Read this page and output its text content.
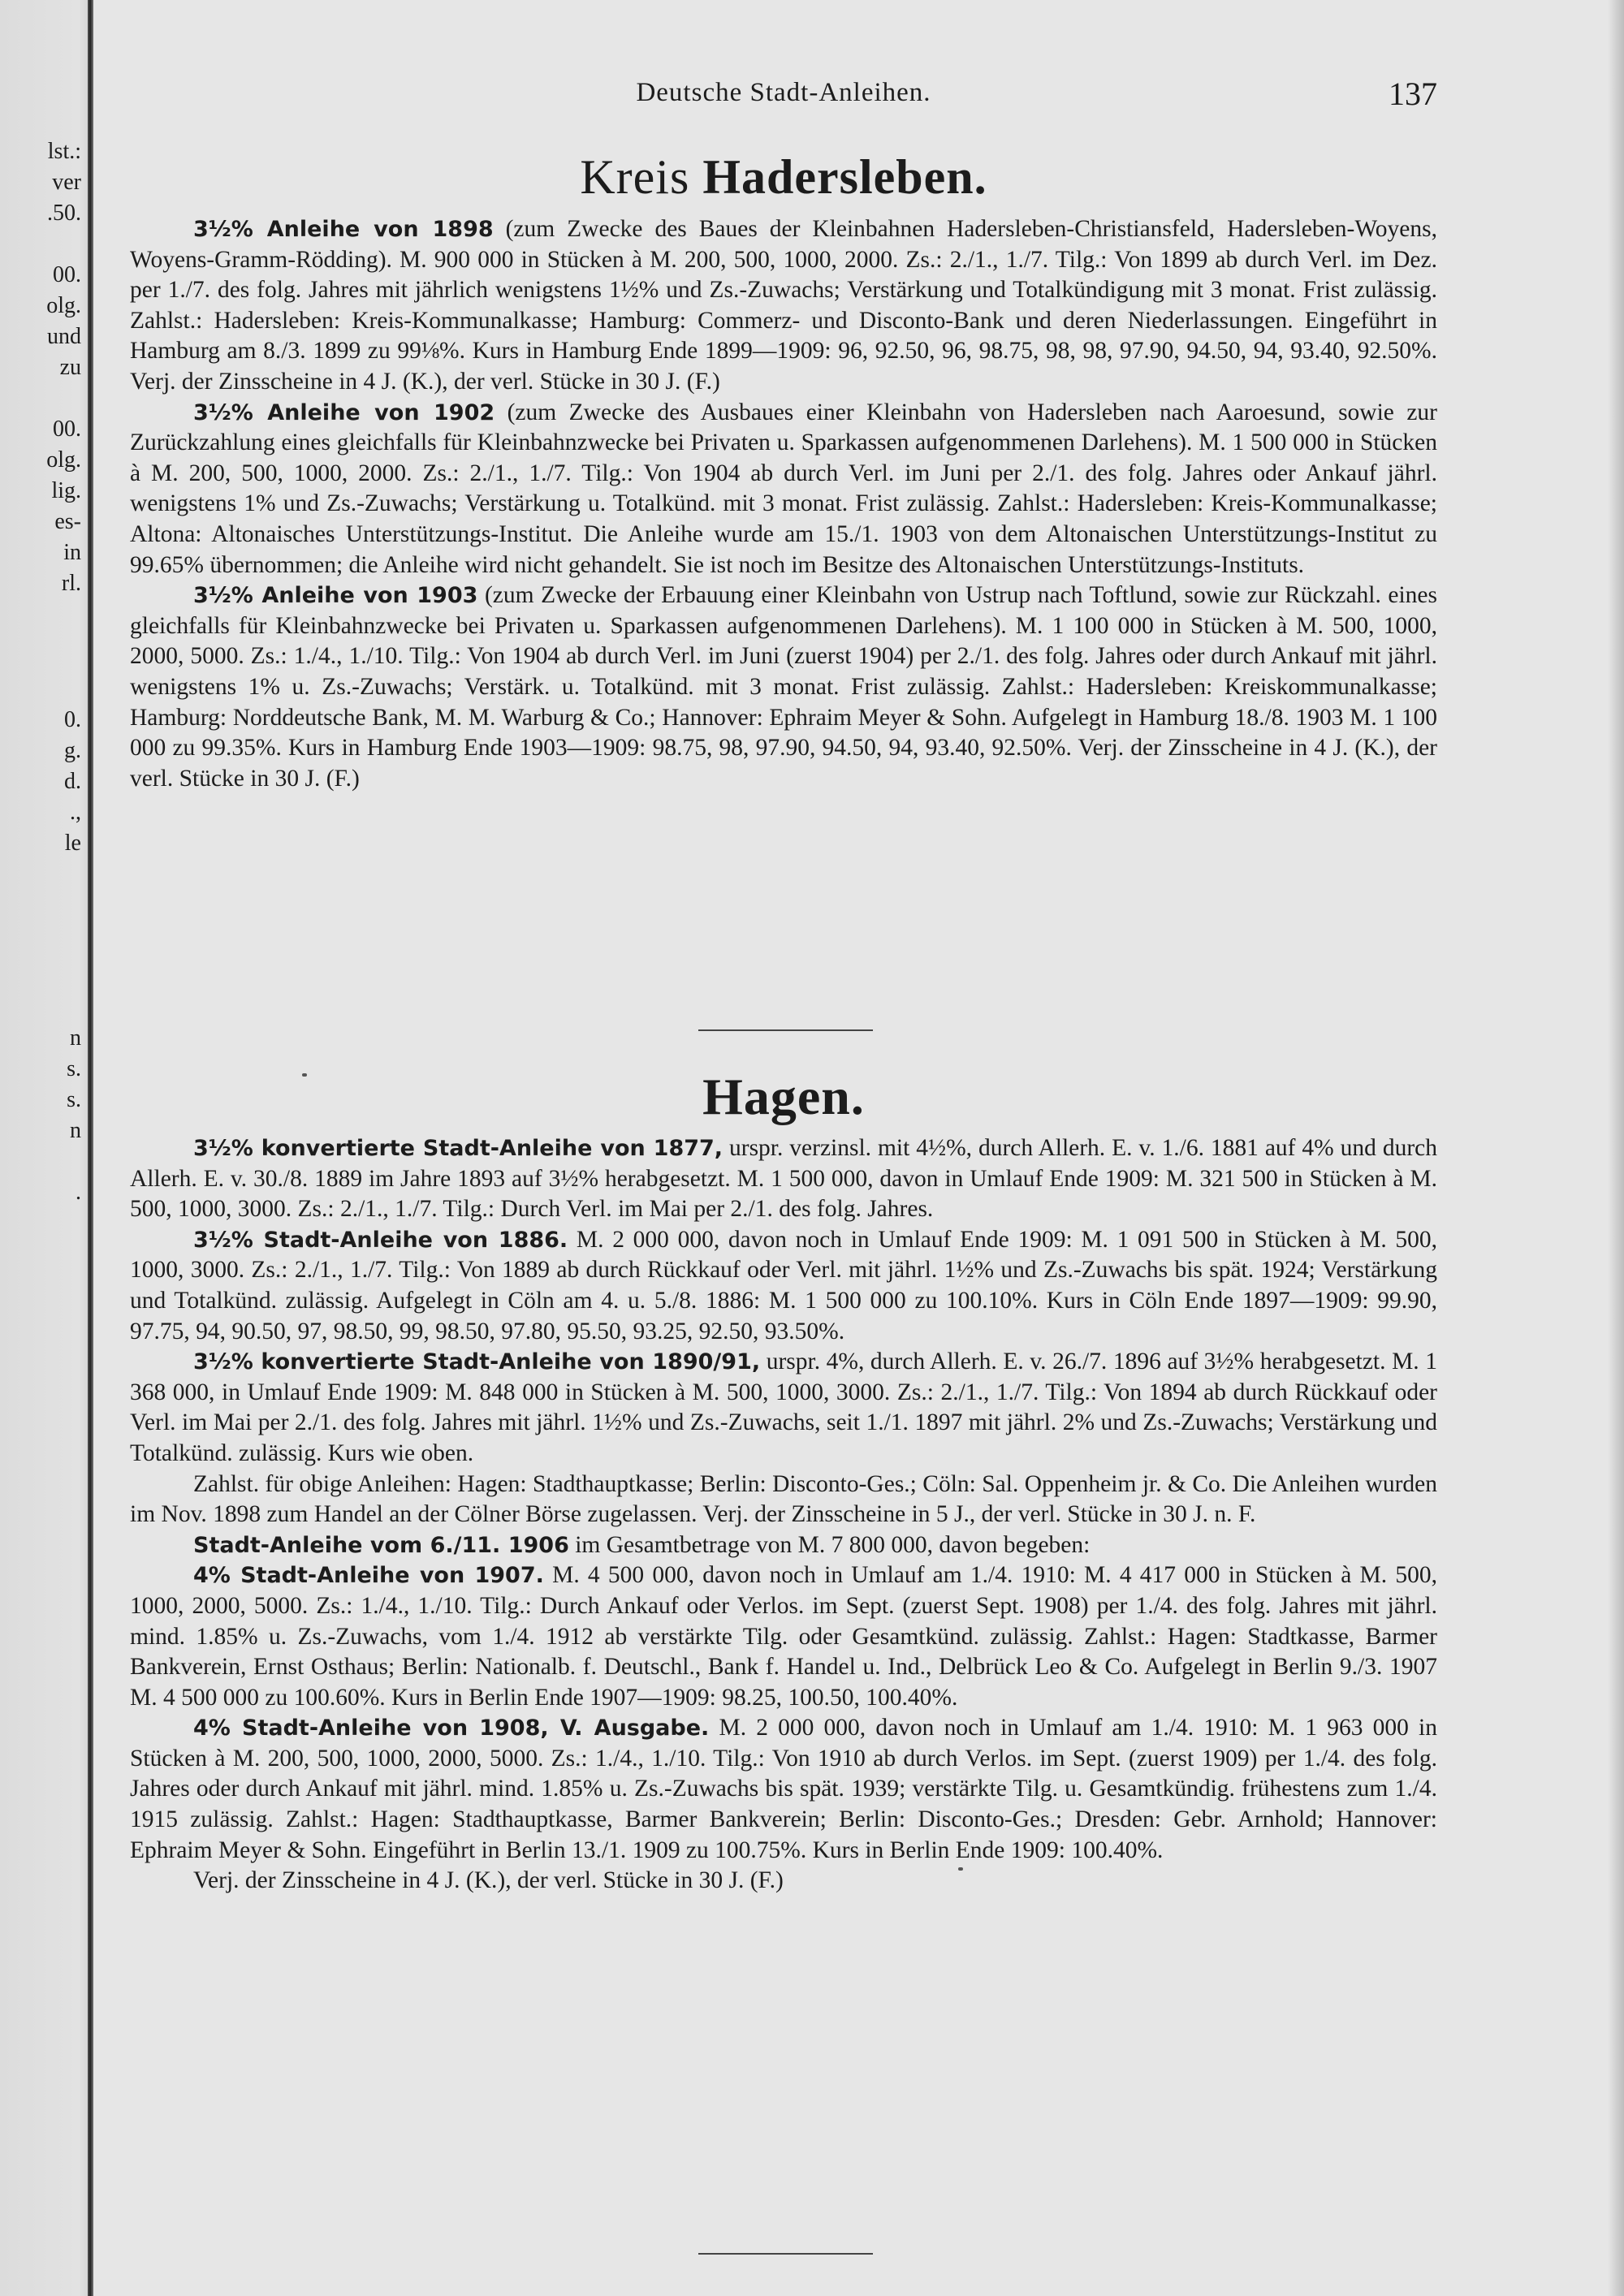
lst.:
ver
.50.
00.
olg.
und
zu
00.
olg.
lig.
es-
in
rl.
0.
g.
d.
.,
le
n
s.
s.
n
.
Deutsche Stadt-Anleihen.	137
Kreis Hadersleben.

3½% Anleihe von 1898 (zum Zwecke des Baues der Kleinbahnen Hadersleben-Christiansfeld, Hadersleben-Woyens, Woyens-Gramm-Rödding). M. 900 000 in Stücken à M. 200, 500, 1000, 2000. Zs.: 2./1., 1./7. Tilg.: Von 1899 ab durch Verl. im Dez. per 1./7. des folg. Jahres mit jährlich wenigstens 1½% und Zs.-Zuwachs; Verstärkung und Totalkündigung mit 3 monat. Frist zulässig. Zahlst.: Hadersleben: Kreis-Kommunalkasse; Hamburg: Commerz- und Disconto-Bank und deren Niederlassungen. Eingeführt in Hamburg am 8./3. 1899 zu 99⅛%. Kurs in Hamburg Ende 1899—1909: 96, 92.50, 96, 98.75, 98, 98, 97.90, 94.50, 94, 93.40, 92.50%. Verj. der Zinsscheine in 4 J. (K.), der verl. Stücke in 30 J. (F.)

3½% Anleihe von 1902 (zum Zwecke des Ausbaues einer Kleinbahn von Hadersleben nach Aaroesund, sowie zur Zurückzahlung eines gleichfalls für Kleinbahnzwecke bei Privaten u. Sparkassen aufgenommenen Darlehens). M. 1 500 000 in Stücken à M. 200, 500, 1000, 2000. Zs.: 2./1., 1./7. Tilg.: Von 1904 ab durch Verl. im Juni per 2./1. des folg. Jahres oder Ankauf jährl. wenigstens 1% und Zs.-Zuwachs; Verstärkung u. Totalkünd. mit 3 monat. Frist zulässig. Zahlst.: Hadersleben: Kreis-Kommunalkasse; Altona: Altonaisches Unterstützungs-Institut. Die Anleihe wurde am 15./1. 1903 von dem Altonaischen Unterstützungs-Institut zu 99.65% übernommen; die Anleihe wird nicht gehandelt. Sie ist noch im Besitze des Altonaischen Unterstützungs-Instituts.

3½% Anleihe von 1903 (zum Zwecke der Erbauung einer Kleinbahn von Ustrup nach Toftlund, sowie zur Rückzahl. eines gleichfalls für Kleinbahnzwecke bei Privaten u. Sparkassen aufgenommenen Darlehens). M. 1 100 000 in Stücken à M. 500, 1000, 2000, 5000. Zs.: 1./4., 1./10. Tilg.: Von 1904 ab durch Verl. im Juni (zuerst 1904) per 2./1. des folg. Jahres oder durch Ankauf mit jährl. wenigstens 1% u. Zs.-Zuwachs; Verstärk. u. Totalkünd. mit 3 monat. Frist zulässig. Zahlst.: Hadersleben: Kreiskommunalkasse; Hamburg: Norddeutsche Bank, M. M. Warburg & Co.; Hannover: Ephraim Meyer & Sohn. Aufgelegt in Hamburg 18./8. 1903 M. 1 100 000 zu 99.35%. Kurs in Hamburg Ende 1903—1909: 98.75, 98, 97.90, 94.50, 94, 93.40, 92.50%. Verj. der Zinsscheine in 4 J. (K.), der verl. Stücke in 30 J. (F.)

Hagen.

3½% konvertierte Stadt-Anleihe von 1877, urspr. verzinsl. mit 4½%, durch Allerh. E. v. 1./6. 1881 auf 4% und durch Allerh. E. v. 30./8. 1889 im Jahre 1893 auf 3½% herabgesetzt. M. 1 500 000, davon in Umlauf Ende 1909: M. 321 500 in Stücken à M. 500, 1000, 3000. Zs.: 2./1., 1./7. Tilg.: Durch Verl. im Mai per 2./1. des folg. Jahres.

3½% Stadt-Anleihe von 1886. M. 2 000 000, davon noch in Umlauf Ende 1909: M. 1 091 500 in Stücken à M. 500, 1000, 3000. Zs.: 2./1., 1./7. Tilg.: Von 1889 ab durch Rückkauf oder Verl. mit jährl. 1½% und Zs.-Zuwachs bis spät. 1924; Verstärkung und Totalkünd. zulässig. Aufgelegt in Cöln am 4. u. 5./8. 1886: M. 1 500 000 zu 100.10%. Kurs in Cöln Ende 1897—1909: 99.90, 97.75, 94, 90.50, 97, 98.50, 99, 98.50, 97.80, 95.50, 93.25, 92.50, 93.50%.

3½% konvertierte Stadt-Anleihe von 1890/91, urspr. 4%, durch Allerh. E. v. 26./7. 1896 auf 3½% herabgesetzt. M. 1 368 000, in Umlauf Ende 1909: M. 848 000 in Stücken à M. 500, 1000, 3000. Zs.: 2./1., 1./7. Tilg.: Von 1894 ab durch Rückkauf oder Verl. im Mai per 2./1. des folg. Jahres mit jährl. 1½% und Zs.-Zuwachs, seit 1./1. 1897 mit jährl. 2% und Zs.-Zuwachs; Verstärkung und Totalkünd. zulässig. Kurs wie oben.

Zahlst. für obige Anleihen: Hagen: Stadthauptkasse; Berlin: Disconto-Ges.; Cöln: Sal. Oppenheim jr. & Co. Die Anleihen wurden im Nov. 1898 zum Handel an der Cölner Börse zugelassen. Verj. der Zinsscheine in 5 J., der verl. Stücke in 30 J. n. F.

Stadt-Anleihe vom 6./11. 1906 im Gesamtbetrage von M. 7 800 000, davon begeben:

4% Stadt-Anleihe von 1907. M. 4 500 000, davon noch in Umlauf am 1./4. 1910: M. 4 417 000 in Stücken à M. 500, 1000, 2000, 5000. Zs.: 1./4., 1./10. Tilg.: Durch Ankauf oder Verlos. im Sept. (zuerst Sept. 1908) per 1./4. des folg. Jahres mit jährl. mind. 1.85% u. Zs.-Zuwachs, vom 1./4. 1912 ab verstärkte Tilg. oder Gesamtkünd. zulässig. Zahlst.: Hagen: Stadtkasse, Barmer Bankverein, Ernst Osthaus; Berlin: Nationalb. f. Deutschl., Bank f. Handel u. Ind., Delbrück Leo & Co. Aufgelegt in Berlin 9./3. 1907 M. 4 500 000 zu 100.60%. Kurs in Berlin Ende 1907—1909: 98.25, 100.50, 100.40%.

4% Stadt-Anleihe von 1908, V. Ausgabe. M. 2 000 000, davon noch in Umlauf am 1./4. 1910: M. 1 963 000 in Stücken à M. 200, 500, 1000, 2000, 5000. Zs.: 1./4., 1./10. Tilg.: Von 1910 ab durch Verlos. im Sept. (zuerst 1909) per 1./4. des folg. Jahres oder durch Ankauf mit jährl. mind. 1.85% u. Zs.-Zuwachs bis spät. 1939; verstärkte Tilg. u. Gesamtkündig. frühestens zum 1./4. 1915 zulässig. Zahlst.: Hagen: Stadthauptkasse, Barmer Bankverein; Berlin: Disconto-Ges.; Dresden: Gebr. Arnhold; Hannover: Ephraim Meyer & Sohn. Eingeführt in Berlin 13./1. 1909 zu 100.75%. Kurs in Berlin Ende 1909: 100.40%.

Verj. der Zinsscheine in 4 J. (K.), der verl. Stücke in 30 J. (F.)
